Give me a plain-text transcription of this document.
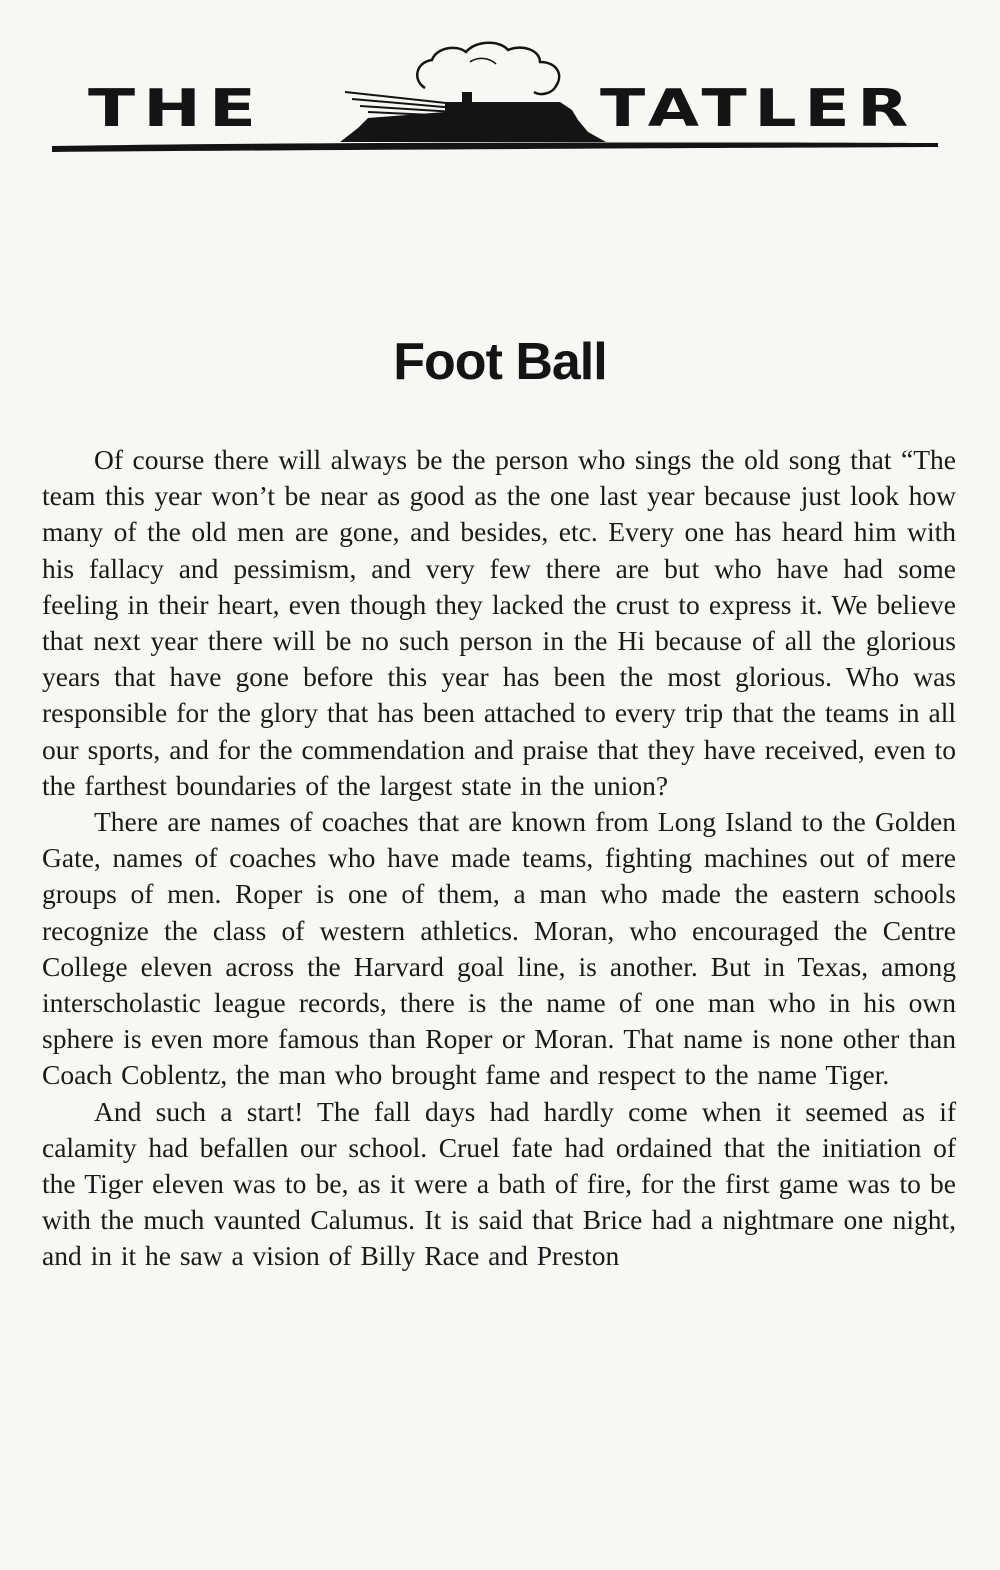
THE	TATLER
Foot Ball

Of course there will always be the person who sings the old song that “The team this year won’t be near as good as the one last year because just look how many of the old men are gone, and besides, etc. Every one has heard him with his fallacy and pessimism, and very few there are but who have had some feeling in their heart, even though they lacked the crust to express it. We believe that next year there will be no such person in the Hi because of all the glorious years that have gone before this year has been the most glorious. Who was responsible for the glory that has been attached to every trip that the teams in all our sports, and for the commendation and praise that they have received, even to the farthest boundaries of the largest state in the union?

There are names of coaches that are known from Long Island to the Golden Gate, names of coaches who have made teams, fighting machines out of mere groups of men. Roper is one of them, a man who made the eastern schools recognize the class of western athletics. Moran, who encouraged the Centre College eleven across the Harvard goal line, is another. But in Texas, among interscholastic league records, there is the name of one man who in his own sphere is even more famous than Roper or Moran. That name is none other than Coach Coblentz, the man who brought fame and respect to the name Tiger.

And such a start! The fall days had hardly come when it seemed as if calamity had befallen our school. Cruel fate had ordained that the initiation of the Tiger eleven was to be, as it were a bath of fire, for the first game was to be with the much vaunted Calumus. It is said that Brice had a nightmare one night, and in it he saw a vision of Billy Race and Preston
